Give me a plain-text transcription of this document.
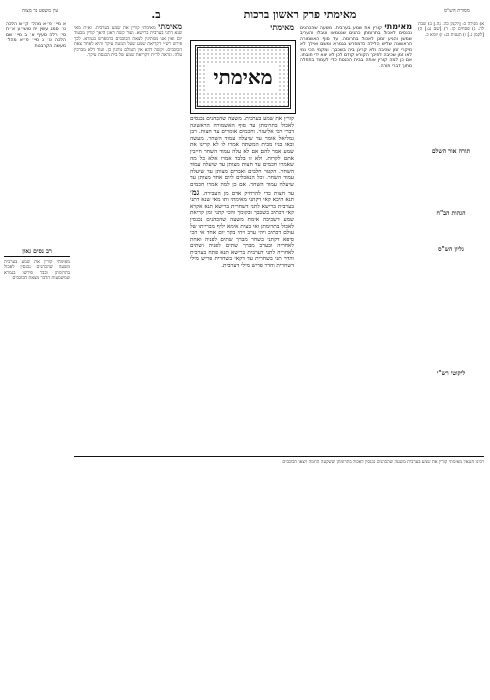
מאימתי פרק ראשון ברכות
ב.
עין משפט נר מצוה	מסורת הש"ס
א מיי׳ פ״א מהל׳ ק״ש הלכה ט׳ סמג עשין יח טוש״ע א״ח סי׳ רלה סעיף א׳ ב מיי׳ שם הלכה ט׳ ג מיי׳ פ״א מהל׳ מעשה הקרבנות
רב נסים גאון
מאימתי קורין את שמע בערבית משעה שהכהנים נכנסין לאכול בתרומתן וכבר פירשו בגמרא שמשמעות הדבר מצאת הכוכבים
מאימתי מאימתי קורין את שמע בערבית. וא״ת מאי שנא דתני בערבית ברישא. ועוד קשה דאנן היאך קורין מבעוד יום ואין אנו ממתינין לצאת הכוכבים כדמפרש בגמרא. לכך פירש רש״י דקריאת שמע שעל המטה עיקר והיא לאחר צאת הכוכבים. וקשה דהא אין העולם נוהגין כן. ועוד דלא מברכין עלה. ונראה לר״ת דקריאת שמע של בית הכנסת עיקר.
מאימתי
מאימתי
קורין את שמע בערבית. משעה שהכהנים נכנסים לאכול בתרומתן עד סוף האשמורה הראשונה דברי רבי אליעזר. וחכמים אומרים עד חצות. רבן גמליאל אומר עד שיעלה עמוד השחר. מעשה ובאו בניו מבית המשתה אמרו לו לא קרינו את שמע אמר להם אם לא עלה עמוד השחר חייבין אתם לקרות. ולא זו בלבד אמרו אלא כל מה שאמרו חכמים עד חצות מצותן עד שיעלה עמוד השחר. הקטר חלבים ואברים מצותן עד שיעלה עמוד השחר. וכל הנאכלים ליום אחד מצותן עד שיעלה עמוד השחר. אם כן למה אמרו חכמים עד חצות כדי להרחיק אדם מן העבירה. גמ׳ תנא היכא קאי דקתני מאימתי ותו מאי שנא דתני בערבית ברישא לתני דשחרית ברישא תנא אקרא קאי דכתיב בשכבך ובקומך והכי קתני זמן קריאת שמע דשכיבה אימת משעה שהכהנים נכנסין לאכול בתרומתן ואי בעית אימא יליף מברייתו של עולם דכתיב ויהי ערב ויהי בקר יום אחד אי הכי סיפא דקתני בשחר מברך שתים לפניה ואחת לאחריה ובערב מברך שתים לפניה ושתים לאחריה לתני דערבית ברישא תנא פתח בערבית והדר תני בשחרית עד דקאי בשחרית פריש מילי דשחרית והדר פריש מילי דערבית.
מאימתי קורין את שמע בערבית. משעה שהכהנים נכנסים לאכול בתרומתן כהנים שנטמאו וטבלו והעריב שמשן והגיע זמנן לאכול בתרומה. עד סוף האשמורה הראשונה שליש הלילה כדמפרש בגמרא ומשם ואילך לא מיקרי זמן שכיבה ולא קרינן ביה בשכבך. ומקמי הכי נמי לאו זמן שכיבה לפיכך הקורא קודם לכן לא יצא ידי חובתו. אם כן למה קורין אותה בבית הכנסת כדי לעמוד בתפלה מתוך דברי תורה.
א) מגילה כ: [לקמן כה. נה.] ב) שבת לה. ג) פסחים קז. ד) [שם נג:] ה) [לקמן ג.] ו) תענית כג: ז) יומא כ.
תורה אור השלם
הגהות הב"ח
גליון הש"ס
ליקוטי רש"י
רבינו חננאל מאימתי קורין את שמע בערבית משעה שהכהנים נכנסין לאכול בתרומתן ששקעה החמה ויצאו הכוכבים
